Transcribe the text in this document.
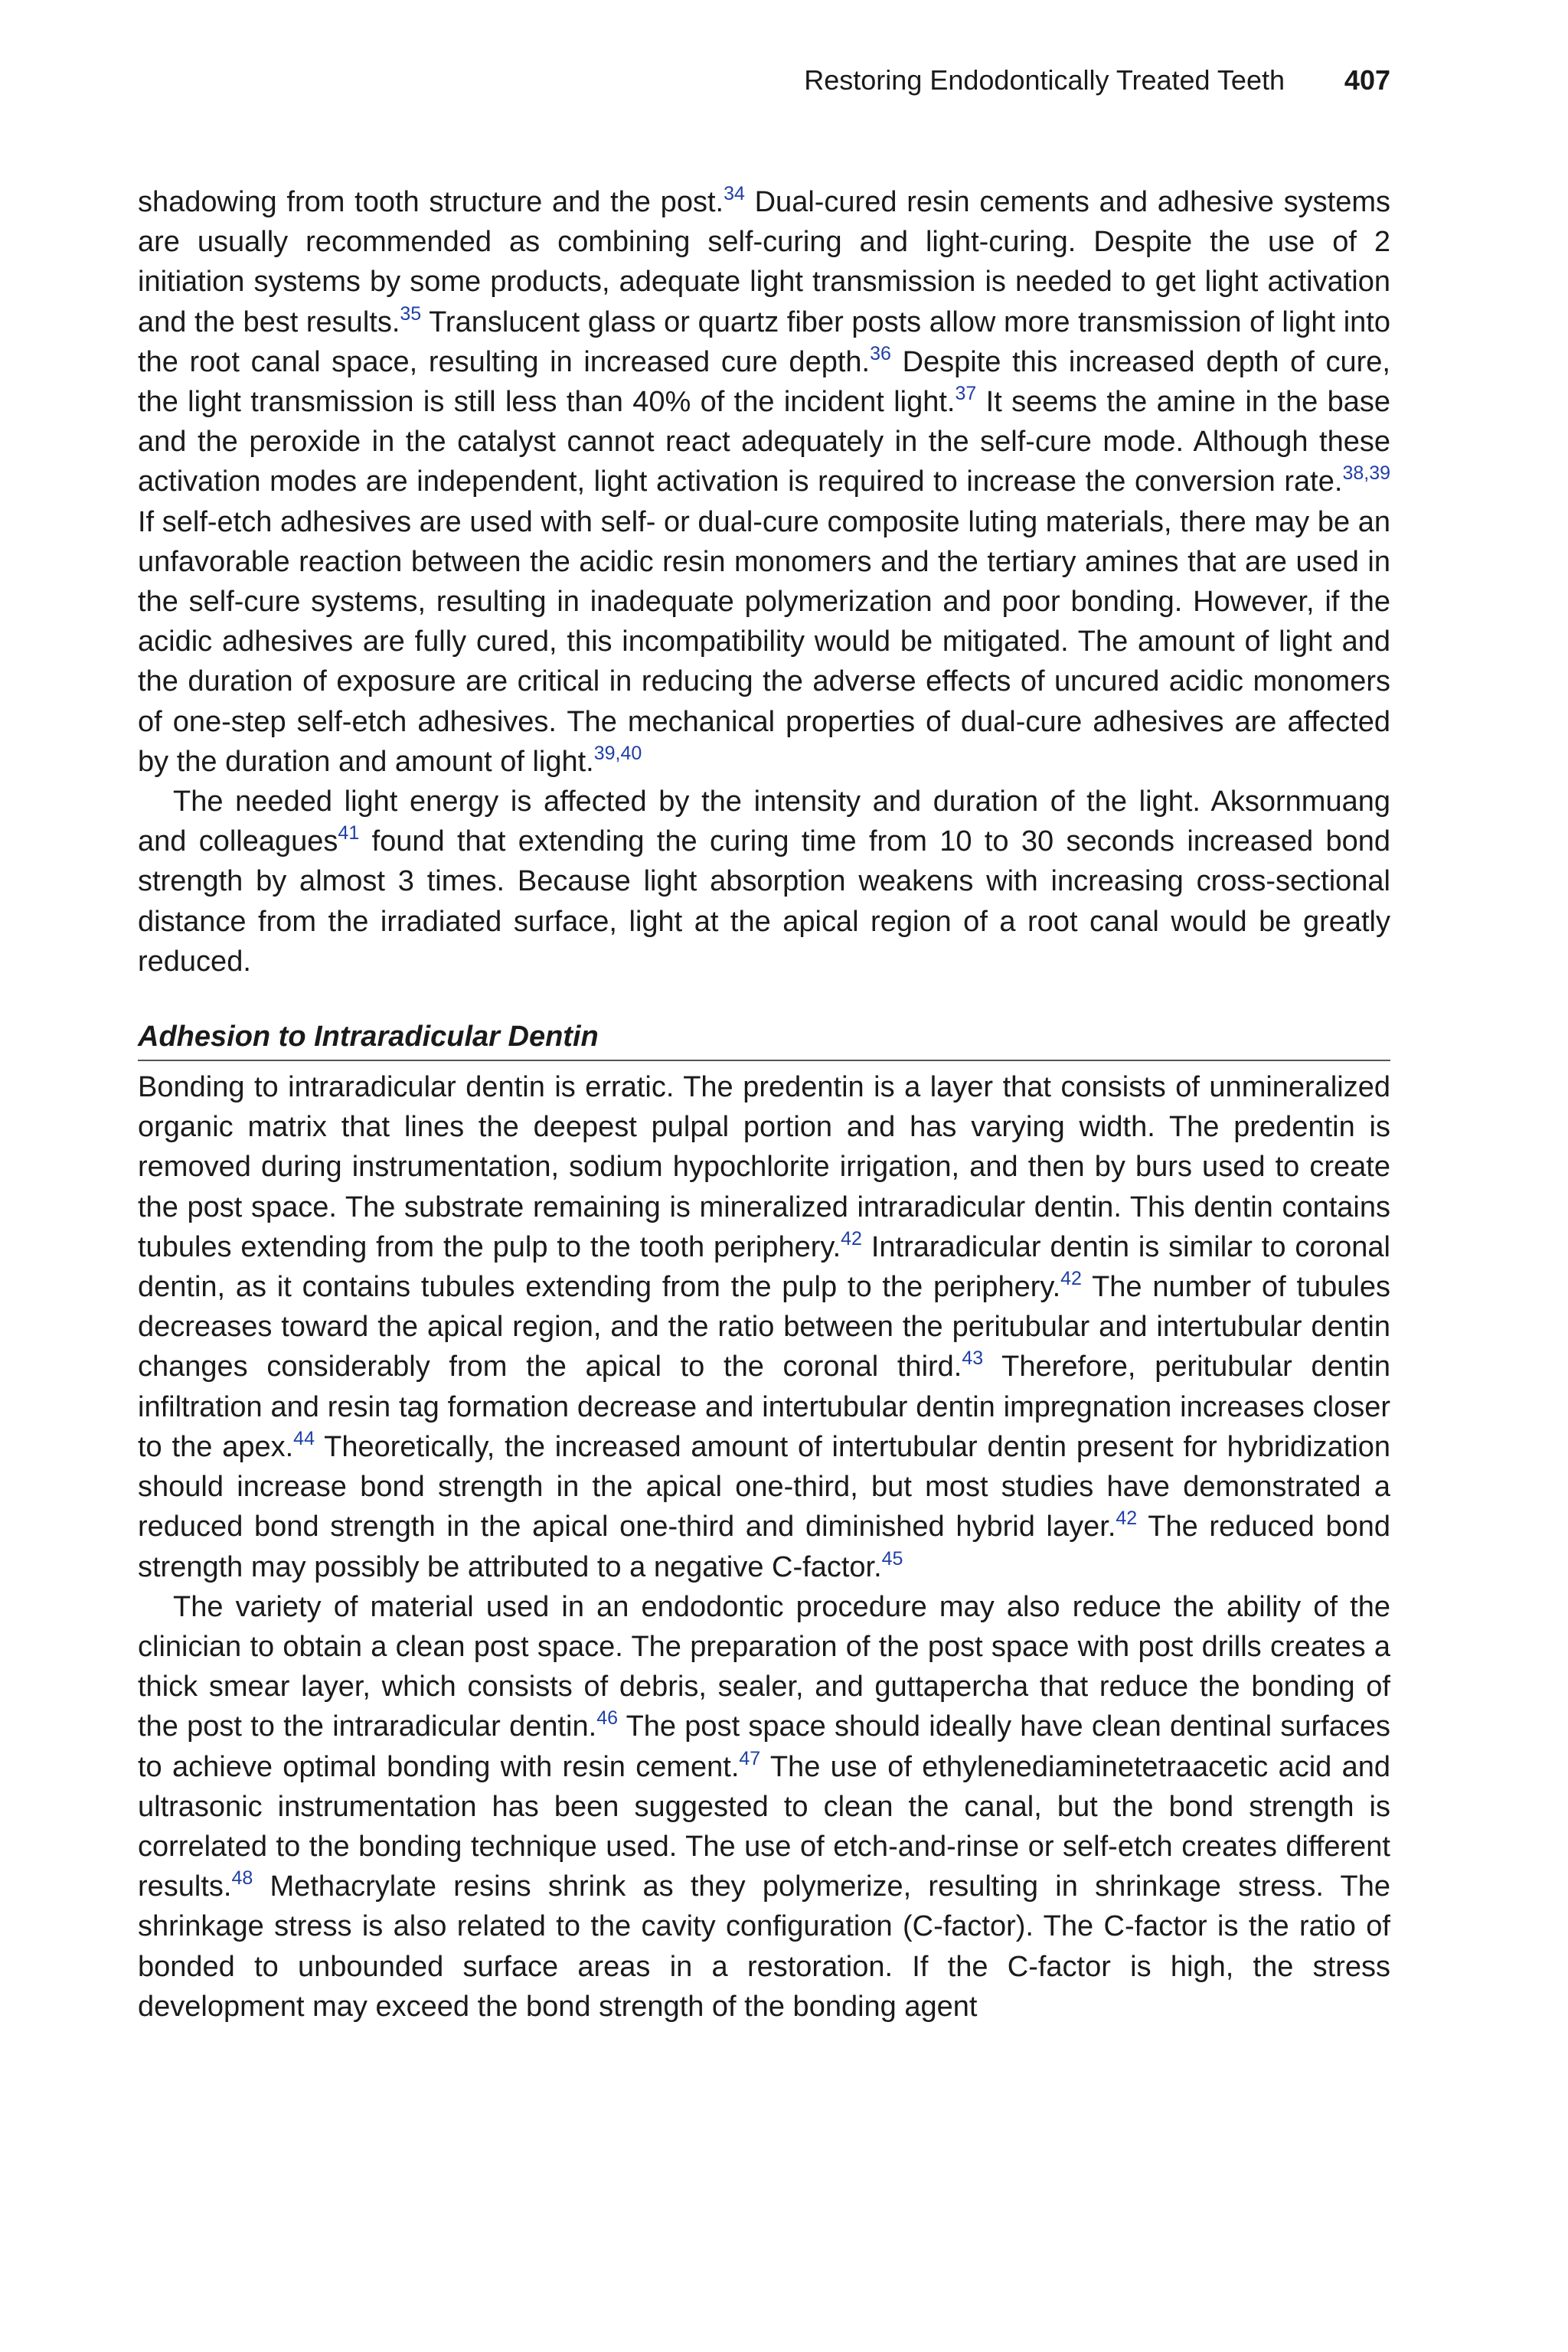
Restoring Endodontically Treated Teeth 407

shadowing from tooth structure and the post.$^{34}$ Dual-cured resin cements and adhesive systems are usually recommended as combining self-curing and light-curing. Despite the use of 2 initiation systems by some products, adequate light transmission is needed to get light activation and the best results.$^{35}$ Translucent glass or quartz fiber posts allow more transmission of light into the root canal space, resulting in increased cure depth.$^{36}$ Despite this increased depth of cure, the light transmission is still less than 40% of the incident light.$^{37}$ It seems the amine in the base and the peroxide in the catalyst cannot react adequately in the self-cure mode. Although these activation modes are independent, light activation is required to increase the conversion rate.$^{38,39}$ If self-etch adhesives are used with self- or dual-cure composite luting materials, there may be an unfavorable reaction between the acidic resin monomers and the tertiary amines that are used in the self-cure systems, resulting in inadequate polymerization and poor bonding. However, if the acidic adhesives are fully cured, this incompatibility would be mitigated. The amount of light and the duration of exposure are critical in reducing the adverse effects of uncured acidic monomers of one-step self-etch adhesives. The mechanical properties of dual-cure adhesives are affected by the duration and amount of light.$^{39,40}$

The needed light energy is affected by the intensity and duration of the light. Aksornmuang and colleagues$^{41}$ found that extending the curing time from 10 to 30 seconds increased bond strength by almost 3 times. Because light absorption weakens with increasing cross-sectional distance from the irradiated surface, light at the apical region of a root canal would be greatly reduced.

Adhesion to Intraradicular Dentin

Bonding to intraradicular dentin is erratic. The predentin is a layer that consists of unmineralized organic matrix that lines the deepest pulpal portion and has varying width. The predentin is removed during instrumentation, sodium hypochlorite irrigation, and then by burs used to create the post space. The substrate remaining is mineralized intraradicular dentin. This dentin contains tubules extending from the pulp to the tooth periphery.$^{42}$ Intraradicular dentin is similar to coronal dentin, as it contains tubules extending from the pulp to the periphery.$^{42}$ The number of tubules decreases toward the apical region, and the ratio between the peritubular and intertubular dentin changes considerably from the apical to the coronal third.$^{43}$ Therefore, peritubular dentin infiltration and resin tag formation decrease and intertubular dentin impregnation increases closer to the apex.$^{44}$ Theoretically, the increased amount of intertubular dentin present for hybridization should increase bond strength in the apical one-third, but most studies have demonstrated a reduced bond strength in the apical one-third and diminished hybrid layer.$^{42}$ The reduced bond strength may possibly be attributed to a negative C-factor.$^{45}$

The variety of material used in an endodontic procedure may also reduce the ability of the clinician to obtain a clean post space. The preparation of the post space with post drills creates a thick smear layer, which consists of debris, sealer, and guttapercha that reduce the bonding of the post to the intraradicular dentin.$^{46}$ The post space should ideally have clean dentinal surfaces to achieve optimal bonding with resin cement.$^{47}$ The use of ethylenediaminetetraacetic acid and ultrasonic instrumentation has been suggested to clean the canal, but the bond strength is correlated to the bonding technique used. The use of etch-and-rinse or self-etch creates different results.$^{48}$ Methacrylate resins shrink as they polymerize, resulting in shrinkage stress. The shrinkage stress is also related to the cavity configuration (C-factor). The C-factor is the ratio of bonded to unbounded surface areas in a restoration. If the C-factor is high, the stress development may exceed the bond strength of the bonding agent
